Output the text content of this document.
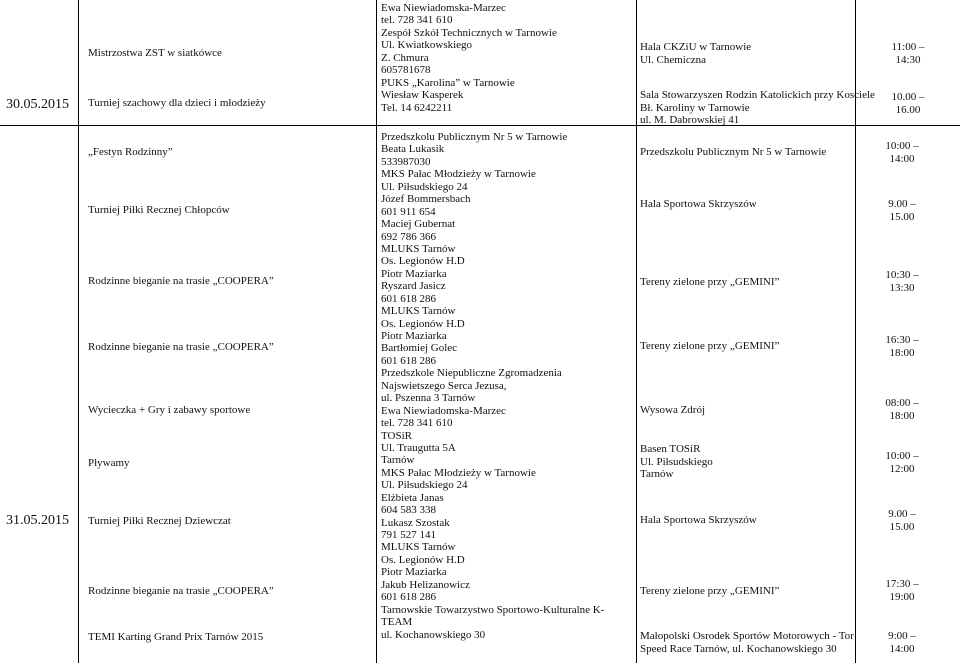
30.05.2015
Mistrzostwa ZST w siatkówce
Turniej szachowy dla dzieci i młodzieży
Ewa Niewiadomska-Marzec
tel. 728 341 610
Zespół Szkół Technicznych w Tarnowie
Ul. Kwiatkowskiego
Z. Chmura
605781678
PUKS „Karolina” w Tarnowie
Wiesław Kasperek
Tel. 14 6242211
Hala CKZiU w Tarnowie
Ul. Chemiczna
Sala Stowarzyszen Rodzin Katolickich przy Kosciele
Bł. Karoliny w Tarnowie
ul. M. Dabrowskiej 41
11:00 –
14:30
10.00 –
16.00
31.05.2015
„Festyn Rodzinny”
Turniej Piłki Recznej Chłopców
Rodzinne bieganie na trasie „COOPERA”
Rodzinne bieganie na trasie „COOPERA”
Wycieczka + Gry i zabawy sportowe
Pływamy
Turniej Piłki Recznej Dziewczat
Rodzinne bieganie na trasie „COOPERA”
TEMI Karting Grand Prix Tarnów 2015
Przedszkolu Publicznym Nr 5 w Tarnowie
Beata Lukasik
533987030
MKS Pałac Młodzieży w Tarnowie
Ul. Piłsudskiego 24
Józef Bommersbach
601 911 654
Maciej Gubernat
692 786 366
MLUKS Tarnów
Os. Legionów H.D
Piotr Maziarka
Ryszard Jasicz
601 618 286
MLUKS Tarnów
Os. Legionów H.D
Piotr Maziarka
Bartłomiej Golec
601 618 286
Przedszkole Niepubliczne Zgromadzenia
Najswietszego Serca Jezusa,
ul. Pszenna 3 Tarnów
Ewa Niewiadomska-Marzec
tel. 728 341 610
TOSiR
Ul. Traugutta 5A
Tarnów
MKS Pałac Młodzieży w Tarnowie
Ul. Piłsudskiego 24
Elżbieta Janas
604 583 338
Lukasz Szostak
791 527 141
MLUKS Tarnów
Os. Legionów H.D
Piotr Maziarka
Jakub Helizanowicz
601 618 286
Tarnowskie Towarzystwo Sportowo-Kulturalne K-
TEAM
ul. Kochanowskiego 30
Przedszkolu Publicznym Nr 5 w Tarnowie
Hala Sportowa Skrzyszów
Tereny zielone przy „GEMINI”
Tereny zielone przy „GEMINI”
Wysowa Zdrój
Basen TOSiR
Ul. Piłsudskiego
Tarnów
Hala Sportowa Skrzyszów
Tereny zielone przy „GEMINI”
Małopolski Osrodek Sportów Motorowych - Tor
Speed Race Tarnów, ul. Kochanowskiego 30
10:00 –
14:00
9.00 –
15.00
10:30 –
13:30
16:30 –
18:00
08:00 –
18:00
10:00 –
12:00
9.00 –
15.00
17:30 –
19:00
9:00 –
14:00
